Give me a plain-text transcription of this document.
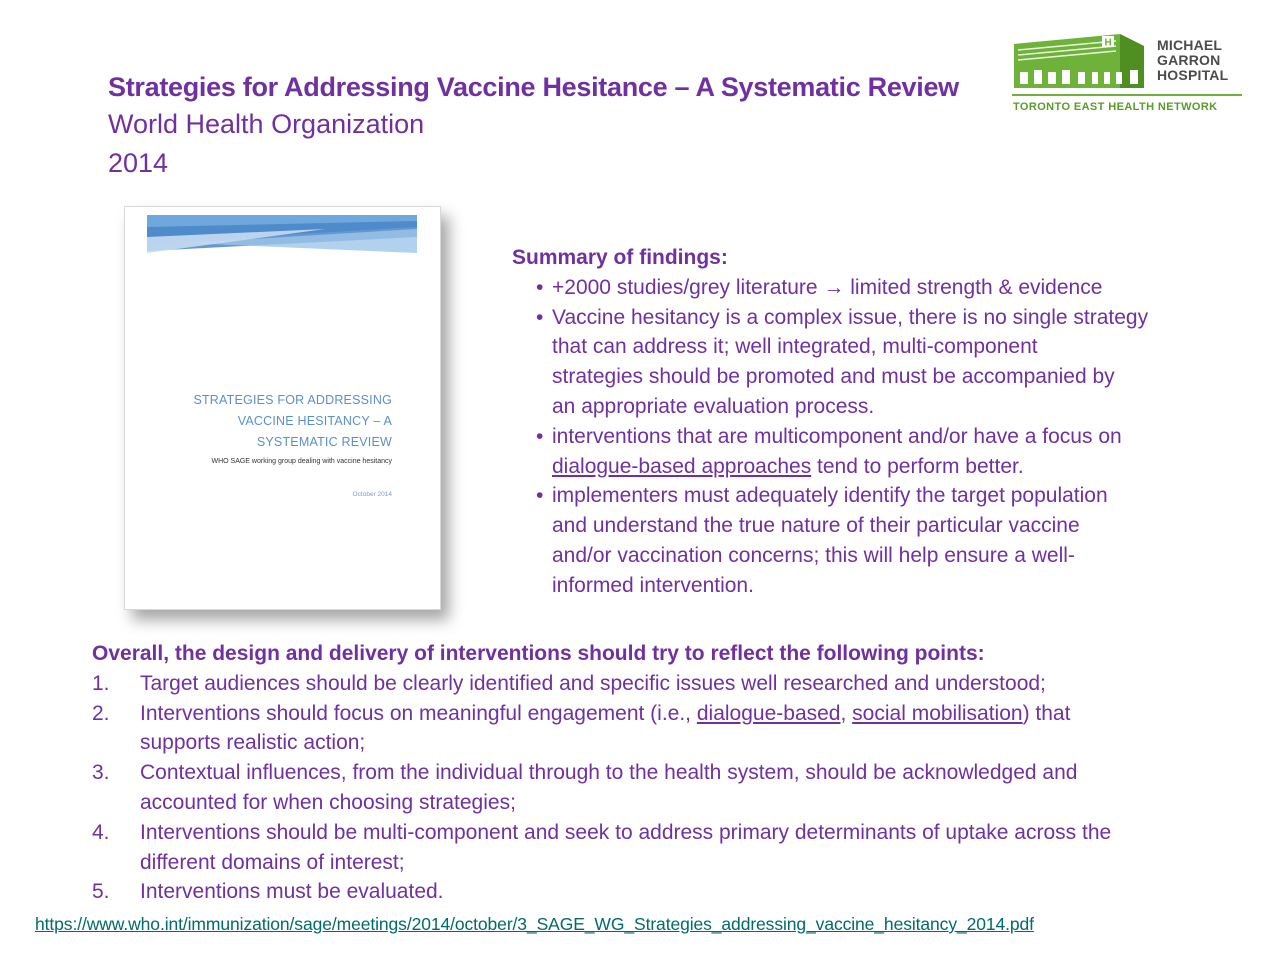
Strategies for Addressing Vaccine Hesitance – A Systematic Review
World Health Organization
2014
H	MICHAEL
GARRON
HOSPITAL
TORONTO EAST HEALTH NETWORK
STRATEGIES FOR ADDRESSING
VACCINE HESITANCY – A
SYSTEMATIC REVIEW
WHO SAGE working group dealing with vaccine hesitancy
October 2014
Summary of findings:
• +2000 studies/grey literature → limited strength & evidence
• Vaccine hesitancy is a complex issue, there is no single strategy
that can address it; well integrated, multi-component
strategies should be promoted and must be accompanied by
an appropriate evaluation process.
• interventions that are multicomponent and/or have a focus on
dialogue-based approaches tend to perform better.
• implementers must adequately identify the target population
and understand the true nature of their particular vaccine
and/or vaccination concerns; this will help ensure a well-
informed intervention.
Overall, the design and delivery of interventions should try to reflect the following points:
1. Target audiences should be clearly identified and specific issues well researched and understood;
2. Interventions should focus on meaningful engagement (i.e., dialogue-based, social mobilisation) that
supports realistic action;
3. Contextual influences, from the individual through to the health system, should be acknowledged and
accounted for when choosing strategies;
4. Interventions should be multi-component and seek to address primary determinants of uptake across the
different domains of interest;
5. Interventions must be evaluated.
https://www.who.int/immunization/sage/meetings/2014/october/3_SAGE_WG_Strategies_addressing_vaccine_hesitancy_2014.pdf
